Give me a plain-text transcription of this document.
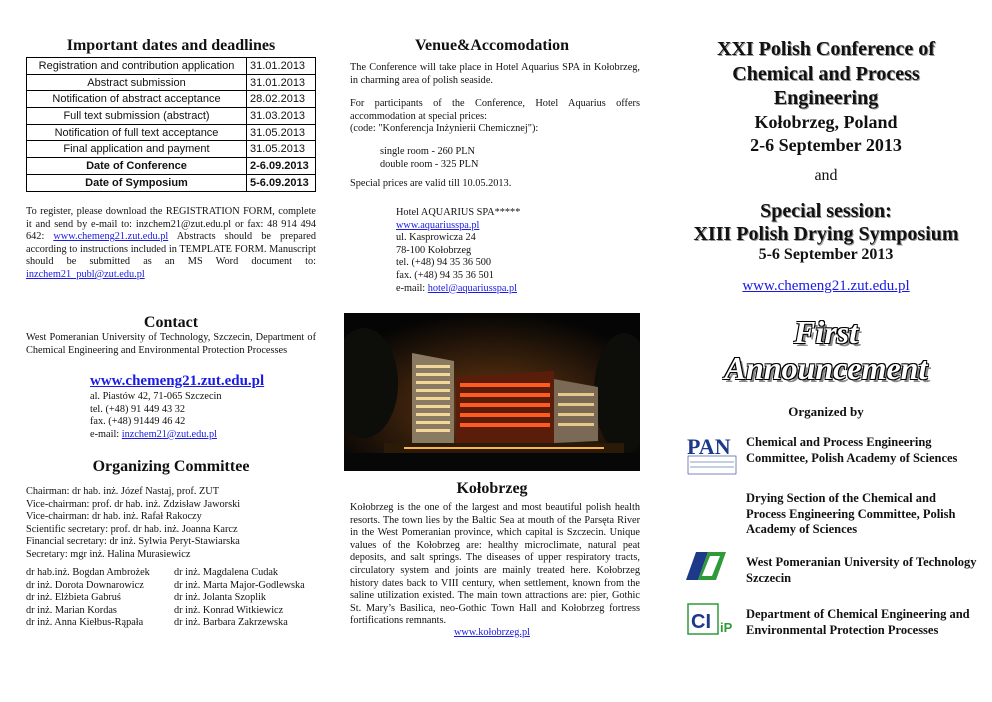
Important dates and deadlines
Registration and contribution application	31.01.2013
Abstract submission	31.01.2013
Notification of abstract acceptance	28.02.2013
Full text submission (abstract)	31.03.2013
Notification of full text acceptance	31.05.2013
Final application and payment	31.05.2013
Date of Conference	2-6.09.2013
Date of Symposium	5-6.09.2013
To register, please download the REGISTRATION FORM, complete it and send by e-mail to: inzchem21@zut.edu.pl or fax: 48 914 494 642: www.chemeng21.zut.edu.pl Abstracts should be prepared according to instructions included in TEMPLATE FORM. Manuscript should be submitted as an MS Word document to: inzchem21_publ@zut.edu.pl
Contact
West Pomeranian University of Technology, Szczecin, Department of Chemical Engineering and Environmental Protection Processes
www.chemeng21.zut.edu.pl
al. Piastów 42, 71-065 Szczecin
tel. (+48) 91 449 43 32
fax. (+48) 91449 46 42
e-mail: inzchem21@zut.edu.pl
Organizing Committee
Chairman: dr hab. inż. Józef Nastaj, prof. ZUT
Vice-chairman: prof. dr hab. inż. Zdzisław Jaworski
Vice-chairman: dr hab. inż. Rafał Rakoczy
Scientific secretary: prof. dr hab. inż. Joanna Karcz
Financial secretary: dr inż. Sylwia Peryt-Stawiarska
Secretary: mgr inż. Halina Murasiewicz
dr hab.inż. Bogdan Ambrożek
dr inż. Dorota Downarowicz
dr inż. Elżbieta Gabruś
dr inż. Marian Kordas
dr inż. Anna Kiełbus-Rąpała
dr inż. Magdalena Cudak
dr inż. Marta Major-Godlewska
dr inż. Jolanta Szoplik
dr inż. Konrad Witkiewicz
dr inż. Barbara Zakrzewska
Venue&Accomodation
The Conference will take place in Hotel Aquarius SPA in Kołobrzeg, in charming area of polish seaside.
For participants of the Conference, Hotel Aquarius offers accommodation at special prices:
(code: "Konferencja Inżynierii Chemicznej"):
single room - 260 PLN
double room - 325 PLN
Special prices are valid till 10.05.2013.
Hotel AQUARIUS SPA*****
www.aquariusspa.pl
ul. Kasprowicza 24
78-100 Kołobrzeg
tel. (+48) 94 35 36 500
fax. (+48) 94 35 36 501
e-mail: hotel@aquariusspa.pl
Kołobrzeg
Kołobrzeg is the one of the largest and most beautiful polish health resorts. The town lies by the Baltic Sea at mouth of the Parsęta River in the West Pomeranian province, which capital is Szczecin. Unique values of the Kołobrzeg are: healthy microclimate, natural peat deposits, and salt springs. The diseases of upper respiratory tracts, circulatory system and joints are mainly treated here. Kołobrzeg history dates back to VIII century, when settlement, known from the saline utilization existed. The main town attractions are: pier, Gothic St. Mary’s Basilica, neo-Gothic Town Hall and Kołobrzeg fortress fortifications remnants.
www.kołobrzeg.pl
XXI Polish Conference of
Chemical and Process
Engineering
Kołobrzeg, Poland
2-6 September 2013
and
Special session:
XIII Polish Drying Symposium
5-6 September 2013
www.chemeng21.zut.edu.pl
First
Announcement
Organized by
PAN
CI iP
Chemical and Process Engineering Committee, Polish Academy of Sciences
Drying Section of the Chemical and Process Engineering Committee, Polish Academy of Sciences
West Pomeranian University of Technology Szczecin
Department of Chemical Engineering and Environmental Protection Processes
